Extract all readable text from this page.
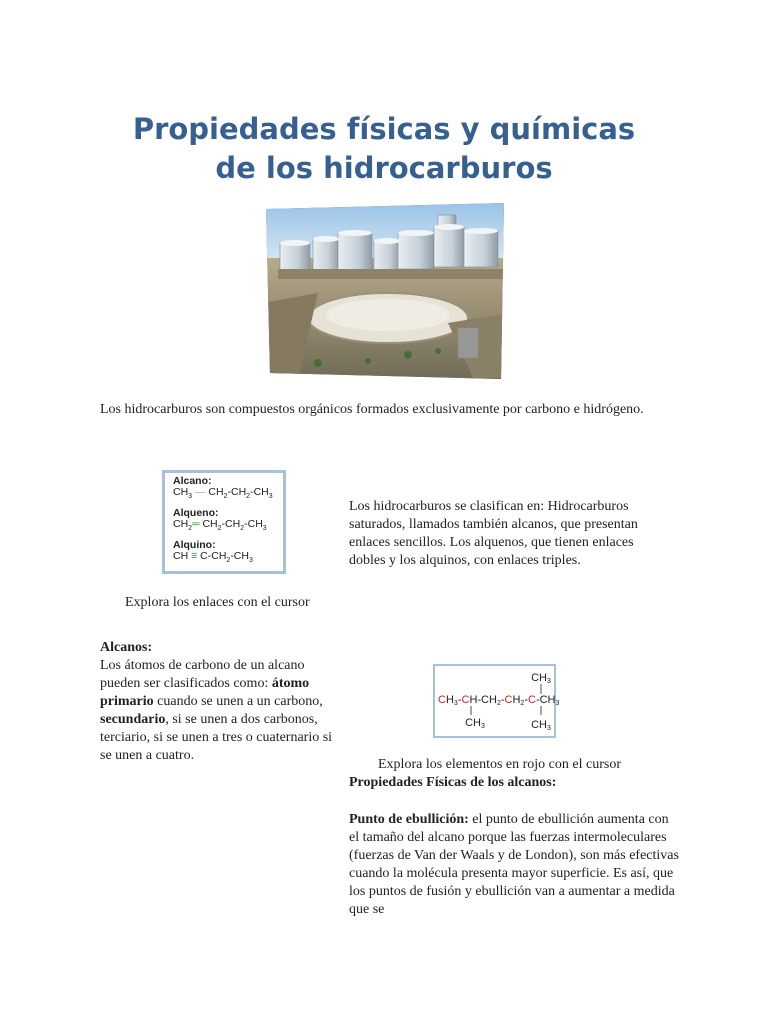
Propiedades físicas y químicas
de los hidrocarburos
Los hidrocarburos son compuestos orgánicos formados exclusivamente por carbono e hidrógeno.
Alcano:
$CH_3$ — $CH_2-CH_2-CH_3$
Alqueno:
$CH_2═$ $CH_2-CH_2-CH_3$
Alquino:
CH ≡ $C-CH_2-CH_3$
Explora los enlaces con el cursor
Los hidrocarburos se clasifican en: Hidrocarburos saturados, llamados también alcanos, que presentan enlaces sencillos. Los alquenos, que tienen enlaces dobles y los alquinos, con enlaces triples.
Alcanos:
Los átomos de carbono de un alcano pueden ser clasificados como: átomo primario cuando se unen a un carbono, secundario, si se unen a dos carbonos, terciario, si se unen a tres o cuaternario si se unen a cuatro.
CH3
CH3-CH-CH2-CH2-C-CH3
CH3	CH3
Explora los elementos en rojo con el cursor
Propiedades Físicas de los alcanos:
Punto de ebullición: el punto de ebullición aumenta con el tamaño del alcano porque las fuerzas intermoleculares (fuerzas de Van der Waals y de London), son más efectivas cuando la molécula presenta mayor superficie. Es así, que los puntos de fusión y ebullición van a aumentar a medida que se
